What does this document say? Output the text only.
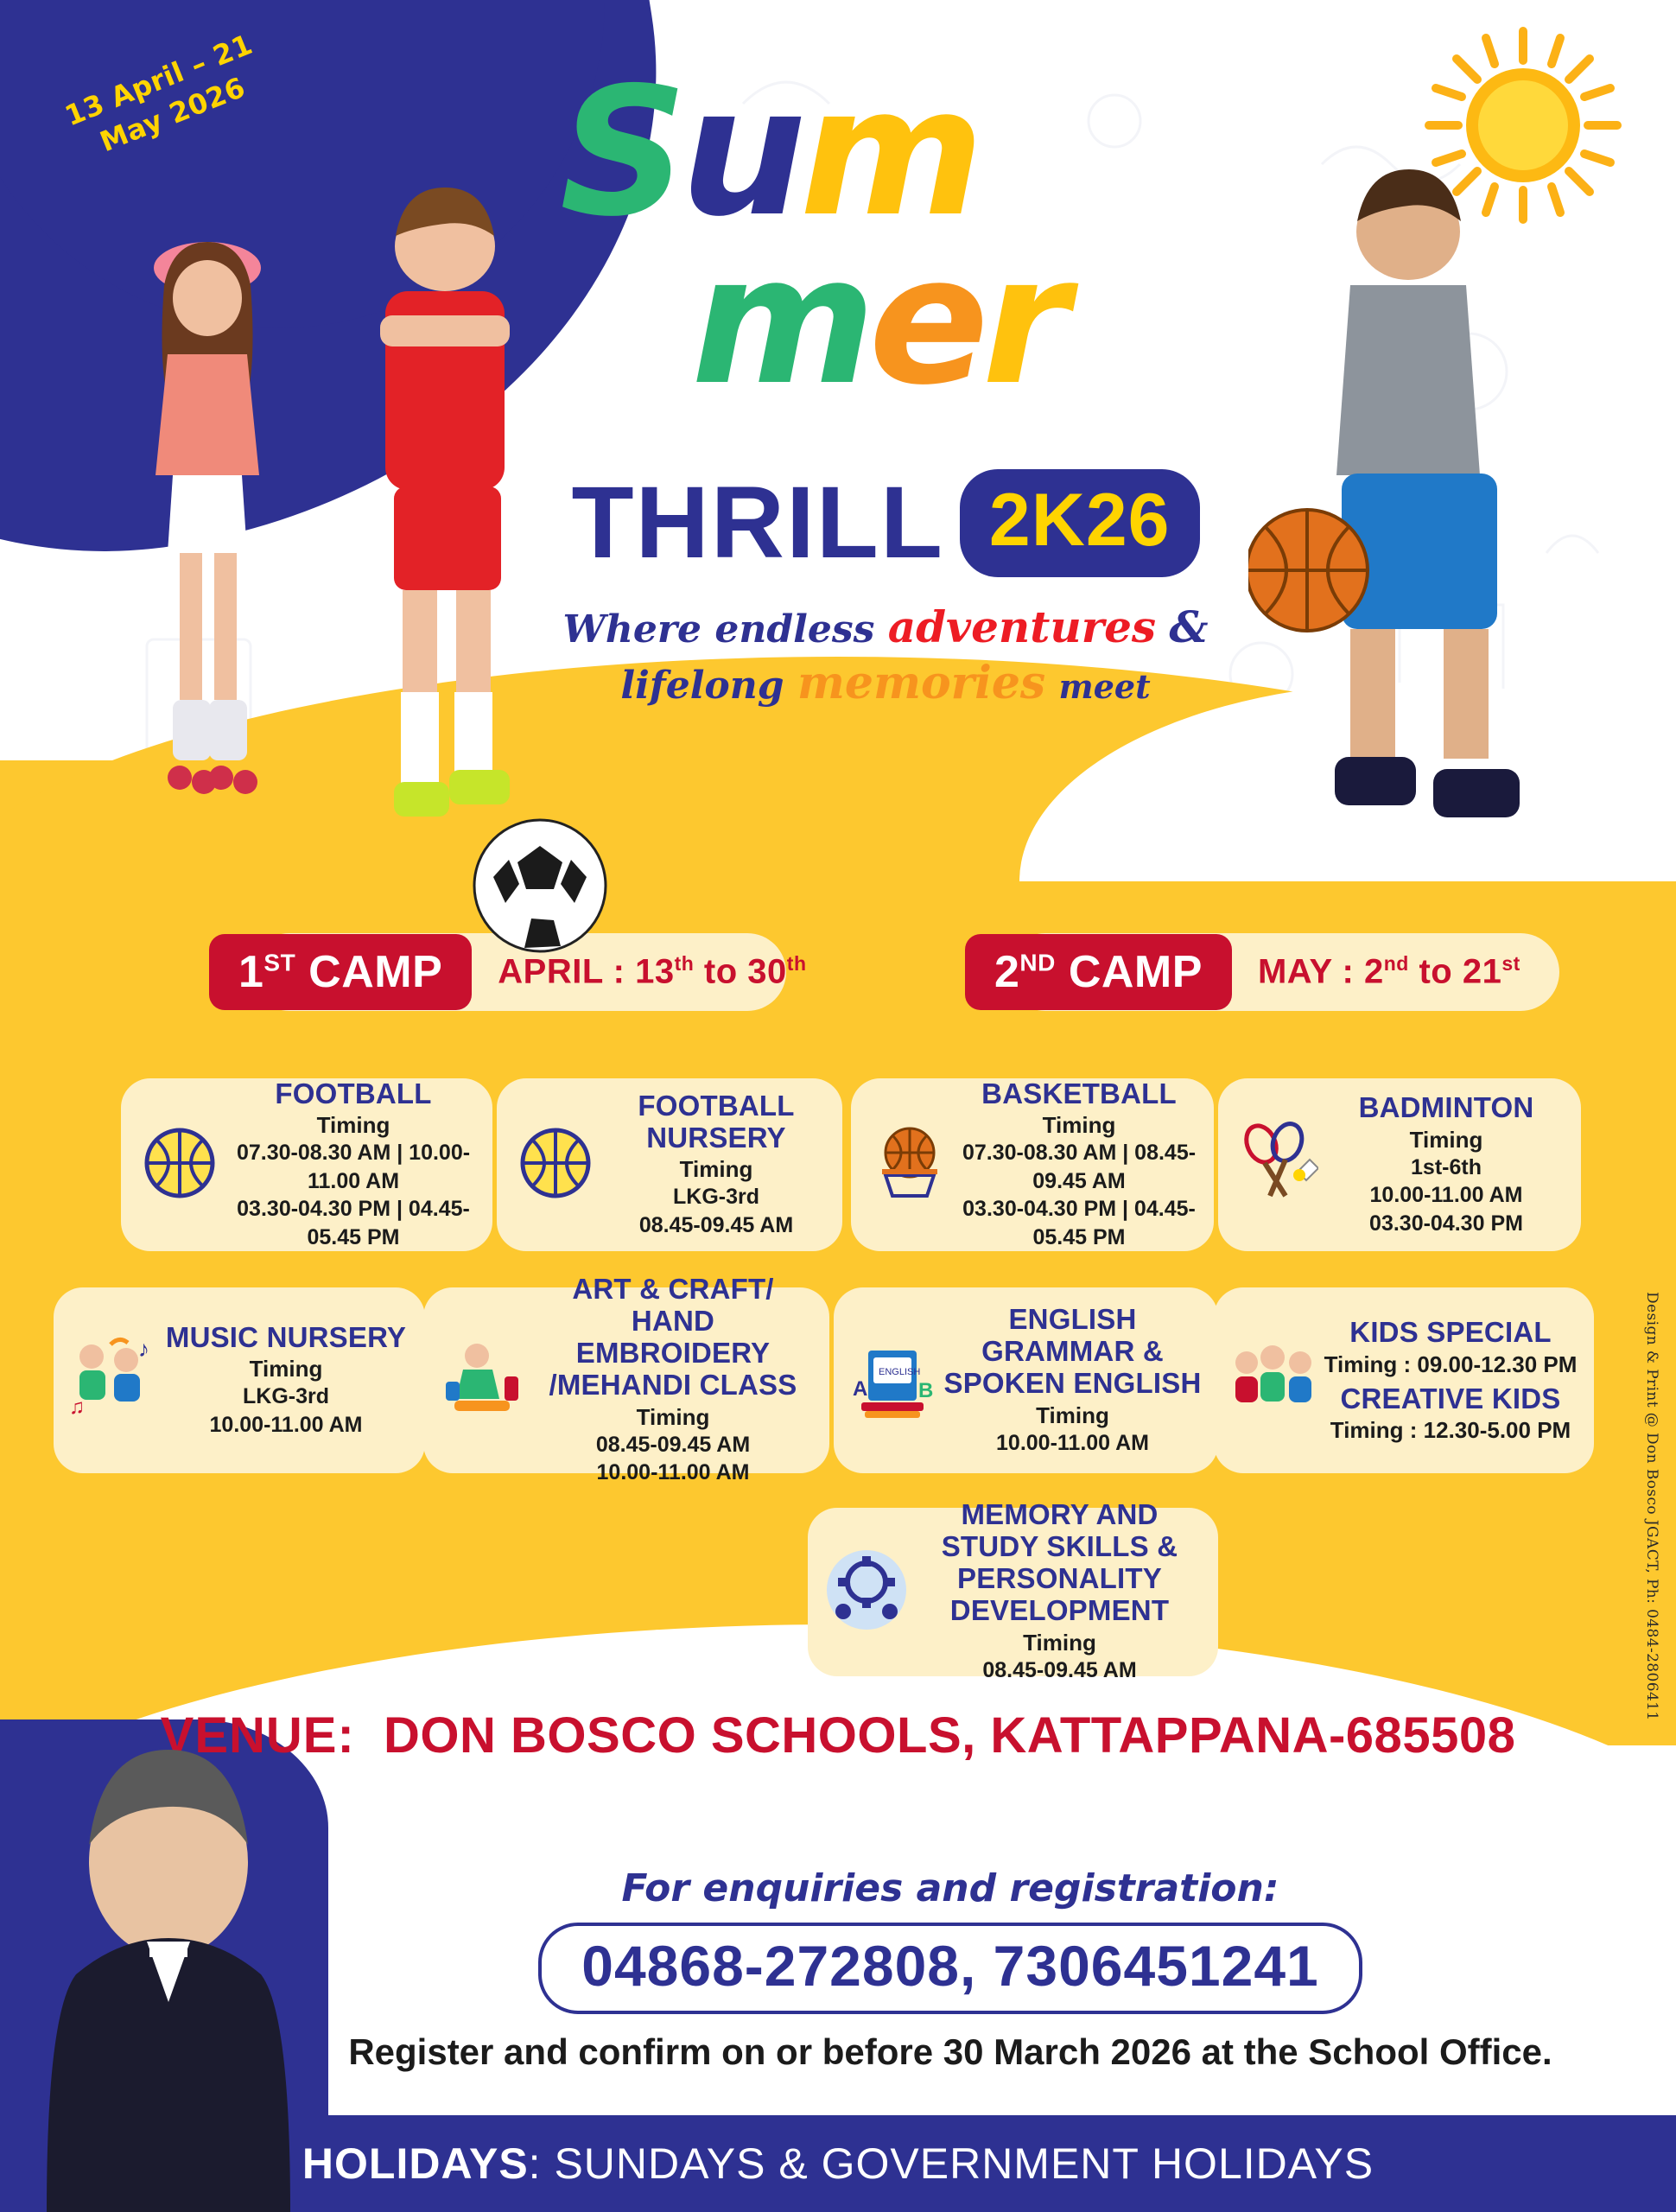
13 April – 21 May 2026 Sum
mer
THRILL 2K26
Where endless adventures &
lifelong memories meet
1ST CAMP	APRIL : 13th to 30th	2ND CAMP	MAY : 2nd to 21st
FOOTBALL
Timing
07.30-08.30 AM | 10.00-11.00 AM
03.30-04.30 PM | 04.45-05.45 PM
FOOTBALL NURSERY
Timing
LKG-3rd
08.45-09.45 AM
BASKETBALL
Timing
07.30-08.30 AM | 08.45-09.45 AM
03.30-04.30 PM | 04.45-05.45 PM
BADMINTON
Timing
1st-6th
10.00-11.00 AM
03.30-04.30 PM
♪
♫
MUSIC NURSERY
Timing
LKG-3rd
10.00-11.00 AM
ART & CRAFT/ HAND EMBROIDERY /MEHANDI CLASS
Timing
08.45-09.45 AM
10.00-11.00 AM
ENGLISH
A B
ENGLISH GRAMMAR & SPOKEN ENGLISH
Timing
10.00-11.00 AM
KIDS SPECIAL
Timing : 09.00-12.30 PM
CREATIVE KIDS
Timing : 12.30-5.00 PM
MEMORY AND STUDY SKILLS & PERSONALITY DEVELOPMENT
Timing
08.45-09.45 AM	Design & Print @ Don Bosco JGACT, Ph: 0484-2806411
VENUE: DON BOSCO SCHOOLS, KATTAPPANA-685508
For enquiries and registration:
04868-272808, 7306451241
Register and confirm on or before 30 March 2026 at the School Office.
HOLIDAYS: SUNDAYS & GOVERNMENT HOLIDAYS
